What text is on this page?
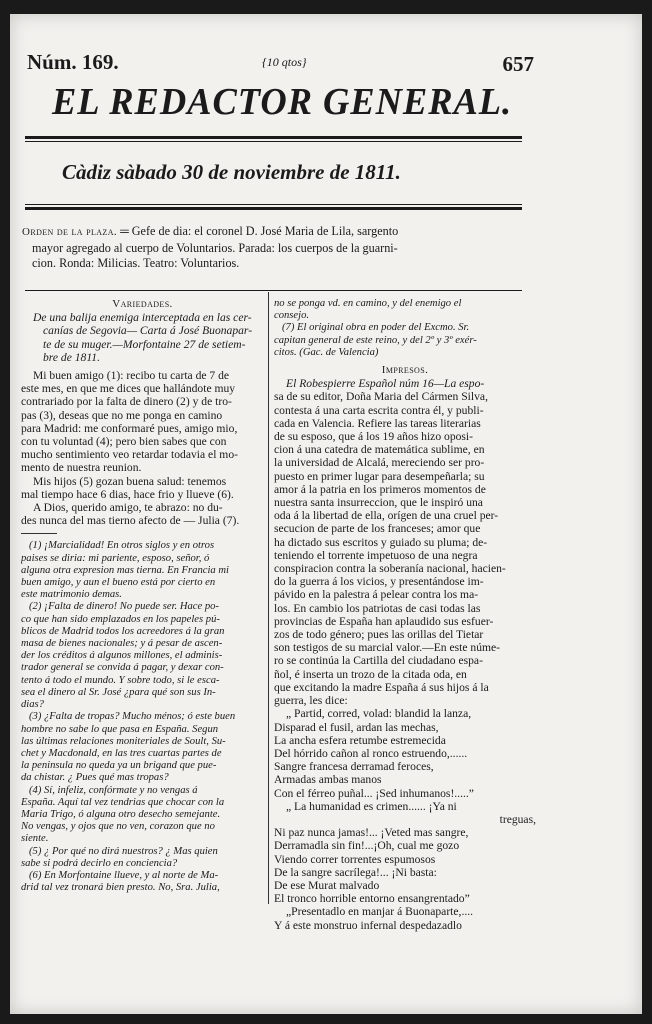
Núm. 169.	{10 qtos}	657
EL REDACTOR GENERAL.
Càdiz sàbado 30 de noviembre de 1811.

Orden de la plaza. ═ Gefe de dia: el coronel D. José Maria de Lila, sargento

mayor agregado al cuerpo de Voluntarios. Parada: los cuerpos de la guarni-

cion. Ronda: Milicias. Teatro: Voluntarios.

Variedades.

De una balija enemiga interceptada en las cer-

canías de Segovia— Carta á José Buonapar-

te de su muger.—Morfontaine 27 de setiem-

bre de 1811.

Mi buen amigo (1): recibo tu carta de 7 de

este mes, en que me dices que hallándote muy

contrariado por la falta de dinero (2) y de tro-

pas (3), deseas que no me ponga en camino

para Madrid: me conformaré pues, amigo mio,

con tu voluntad (4); pero bien sabes que con

mucho sentimiento veo retardar todavia el mo-

mento de nuestra reunion.

Mis hijos (5) gozan buena salud: tenemos

mal tiempo hace 6 dias, hace frio y llueve (6).

A Dios, querido amigo, te abrazo: no du-

des nunca del mas tierno afecto de — Julia (7).

(1) ¡Marcialidad! En otros siglos y en otros

paises se diria: mi pariente, esposo, señor, ó

alguna otra expresion mas tierna. En Francia mi

buen amigo, y aun el bueno está por cierto en

este matrimonio demas.

(2) ¡Falta de dinero! No puede ser. Hace po-

co que han sido emplazados en los papeles pú-

blicos de Madrid todos los acreedores á la gran

masa de bienes nacionales; y á pesar de ascen-

der los créditos á algunos millones, el adminis-

trador general se convida á pagar, y dexar con-

tento á todo el mundo. Y sobre todo, si le esca-

sea el dinero al Sr. José ¿para qué son sus In-

dias?

(3) ¿Falta de tropas? Mucho ménos; ó este buen

hombre no sabe lo que pasa en España. Segun

las últimas relaciones moniteriales de Soult, Su-

chet y Macdonald, en las tres cuartas partes de

la peninsula no queda ya un brigand que pue-

da chistar. ¿ Pues qué mas tropas?

(4) Sí, infeliz, confórmate y no vengas á

España. Aquí tal vez tendrias que chocar con la

Maria Trigo, ó alguna otro desecho semejante.

No vengas, y ojos que no ven, corazon que no

siente.

(5) ¿ Por qué no dirá nuestros? ¿ Mas quien

sabe si podrá decirlo en conciencia?

(6) En Morfontaine llueve, y al norte de Ma-

drid tal vez tronará bien presto. No, Sra. Julia,

no se ponga vd. en camino, y del enemigo el

consejo.

(7) El original obra en poder del Excmo. Sr.

capitan general de este reino, y del 2º y 3º exér-

citos. (Gac. de Valencia)

Impresos.

El Robespierre Español núm 16—La espo-

sa de su editor, Doña Maria del Cármen Silva,

contesta á una carta escrita contra él, y publi-

cada en Valencia. Refiere las tareas literarias

de su esposo, que á los 19 años hizo oposi-

cion á una catedra de matemática sublime, en

la universidad de Alcalá, mereciendo ser pro-

puesto en primer lugar para desempeñarla; su

amor á la patria en los primeros momentos de

nuestra santa insurreccion, que le inspiró una

oda á la libertad de ella, orígen de una cruel per-

secucion de parte de los franceses; amor que

ha dictado sus escritos y guiado su pluma; de-

teniendo el torrente impetuoso de una negra

conspiracion contra la soberanía nacional, hacien-

do la guerra á los vicios, y presentándose im-

pávido en la palestra á pelear contra los ma-

los. En cambio los patriotas de casi todas las

provincias de España han aplaudido sus esfuer-

zos de todo género; pues las orillas del Tietar

son testigos de su marcial valor.—En este núme-

ro se continúa la Cartilla del ciudadano espa-

ñol, é inserta un trozo de la citada oda, en

que excitando la madre España á sus hijos á la

guerra, les dice:

„ Partid, corred, volad: blandid la lanza,

Disparad el fusil, ardan las mechas,

La ancha esfera retumbe estremecida

Del hórrido cañon al ronco estruendo,......

Sangre francesa derramad feroces,

Armadas ambas manos

Con el férreo puñal... ¡Sed inhumanos!.....”

„ La humanidad es crimen...... ¡Ya ni

treguas,

Ni paz nunca jamas!... ¡Veted mas sangre,

Derramadla sin fin!...¡Oh, cual me gozo

Viendo correr torrentes espumosos

De la sangre sacrílega!... ¡Ni basta:

De ese Murat malvado

El tronco horrible entorno ensangrentado”

„Presentadlo en manjar á Buonaparte,....

Y á este monstruo infernal despedazadlo
